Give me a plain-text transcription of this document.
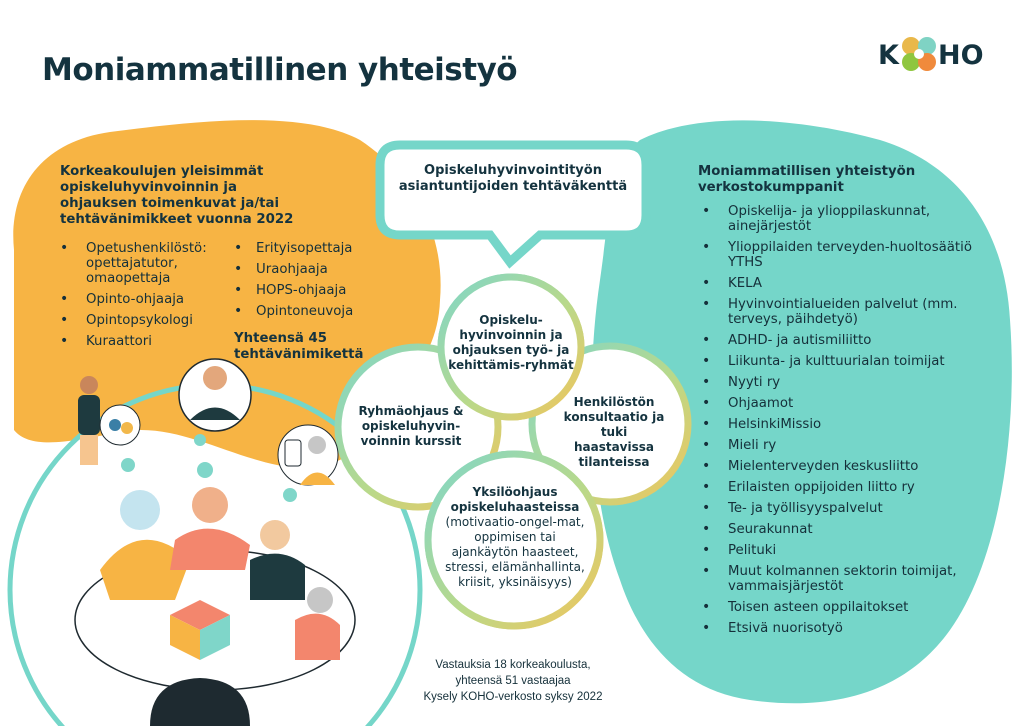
Moniammatillinen yhteistyö	K HO
Korkeakoulujen yleisimmät opiskeluhyvinvoinnin ja ohjauksen toimenkuvat ja/tai tehtävänimikkeet vuonna 2022
• Opetushenkilöstö: opettajatutor, omaopettaja
• Opinto-ohjaaja
• Opintopsykologi
• Kuraattori
• Erityisopettaja
• Uraohjaaja
• HOPS-ohjaaja
• Opintoneuvoja
Yhteensä 45 tehtävänimikettä
Opiskeluhyvinvointityön asiantuntijoiden tehtäväkenttä
Opiskelu-hyvinvoinnin ja ohjauksen työ- ja kehittämis-ryhmät
Ryhmäohjaus & opiskeluhyvin-voinnin kurssit
Henkilöstön konsultaatio ja tuki haastavissa tilanteissa
Yksilöohjaus opiskeluhaasteissa
(motivaatio-ongel-mat, oppimisen tai ajankäytön haasteet, stressi, elämänhallinta, kriisit, yksinäisyys)
Moniammatillisen yhteistyön verkostokumppanit
• Opiskelija- ja ylioppilaskunnat, ainejärjestöt
• Ylioppilaiden terveyden-huoltosäätiö YTHS
• KELA
• Hyvinvointialueiden palvelut (mm. terveys, päihdetyö)
• ADHD- ja autismiliitto
• Liikunta- ja kulttuurialan toimijat
• Nyyti ry
• Ohjaamot
• HelsinkiMissio
• Mieli ry
• Mielenterveyden keskusliitto
• Erilaisten oppijoiden liitto ry
• Te- ja työllisyyspalvelut
• Seurakunnat
• Pelituki
• Muut kolmannen sektorin toimijat, vammaisjärjestöt
• Toisen asteen oppilaitokset
• Etsivä nuorisotyö
Vastauksia 18 korkeakoulusta,
yhteensä 51 vastaajaa
Kysely KOHO-verkosto syksy 2022
